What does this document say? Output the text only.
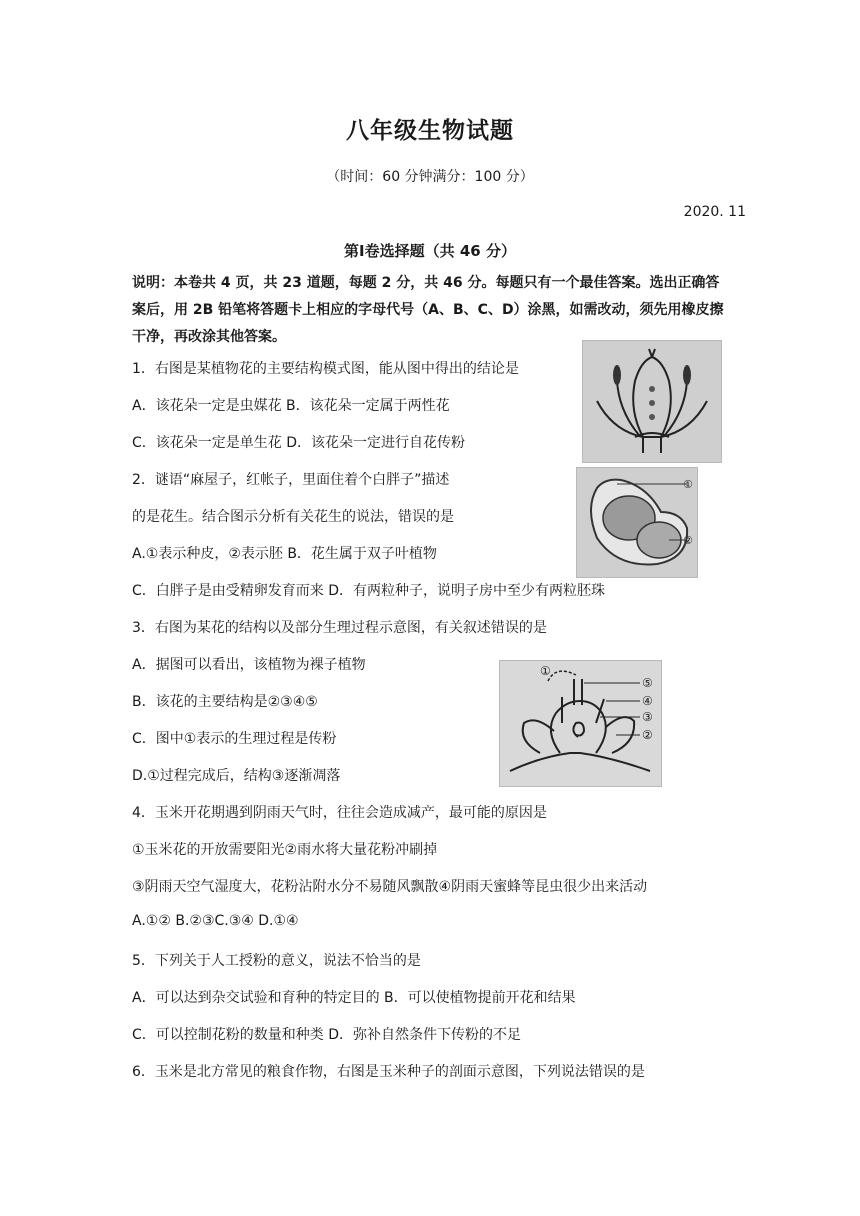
八年级生物试题
（时间：60 分钟满分：100 分）
2020. 11
第Ⅰ卷选择题（共 46 分）
说明：本卷共 4 页，共 23 道题，每题 2 分，共 46 分。每题只有一个最佳答案。选出正确答案后，用 2B 铅笔将答题卡上相应的字母代号（A、B、C、D）涂黑，如需改动，须先用橡皮擦干净，再改涂其他答案。
1．右图是某植物花的主要结构模式图，能从图中得出的结论是
A．该花朵一定是虫媒花 B．该花朵一定属于两性花
C．该花朵一定是单生花 D．该花朵一定进行自花传粉
2．谜语“麻屋子，红帐子，里面住着个白胖子”描述
的是花生。结合图示分析有关花生的说法，错误的是
A.①表示种皮，②表示胚 B．花生属于双子叶植物
C．白胖子是由受精卵发育而来 D．有两粒种子，说明子房中至少有两粒胚珠
3．右图为某花的结构以及部分生理过程示意图，有关叙述错误的是
A．据图可以看出，该植物为裸子植物
B．该花的主要结构是②③④⑤
C．图中①表示的生理过程是传粉
D.①过程完成后，结构③逐渐凋落
4．玉米开花期遇到阴雨天气时，往往会造成减产，最可能的原因是
①玉米花的开放需要阳光②雨水将大量花粉冲刷掉
③阴雨天空气湿度大，花粉沾附水分不易随风飘散④阴雨天蜜蜂等昆虫很少出来活动
A.①② B.②③C.③④ D.①④
5．下列关于人工授粉的意义，说法不恰当的是
A．可以达到杂交试验和育种的特定目的 B．可以使植物提前开花和结果
C．可以控制花粉的数量和种类 D．弥补自然条件下传粉的不足
6．玉米是北方常见的粮食作物，右图是玉米种子的剖面示意图，下列说法错误的是
①
②
①
⑤
④
③
②
